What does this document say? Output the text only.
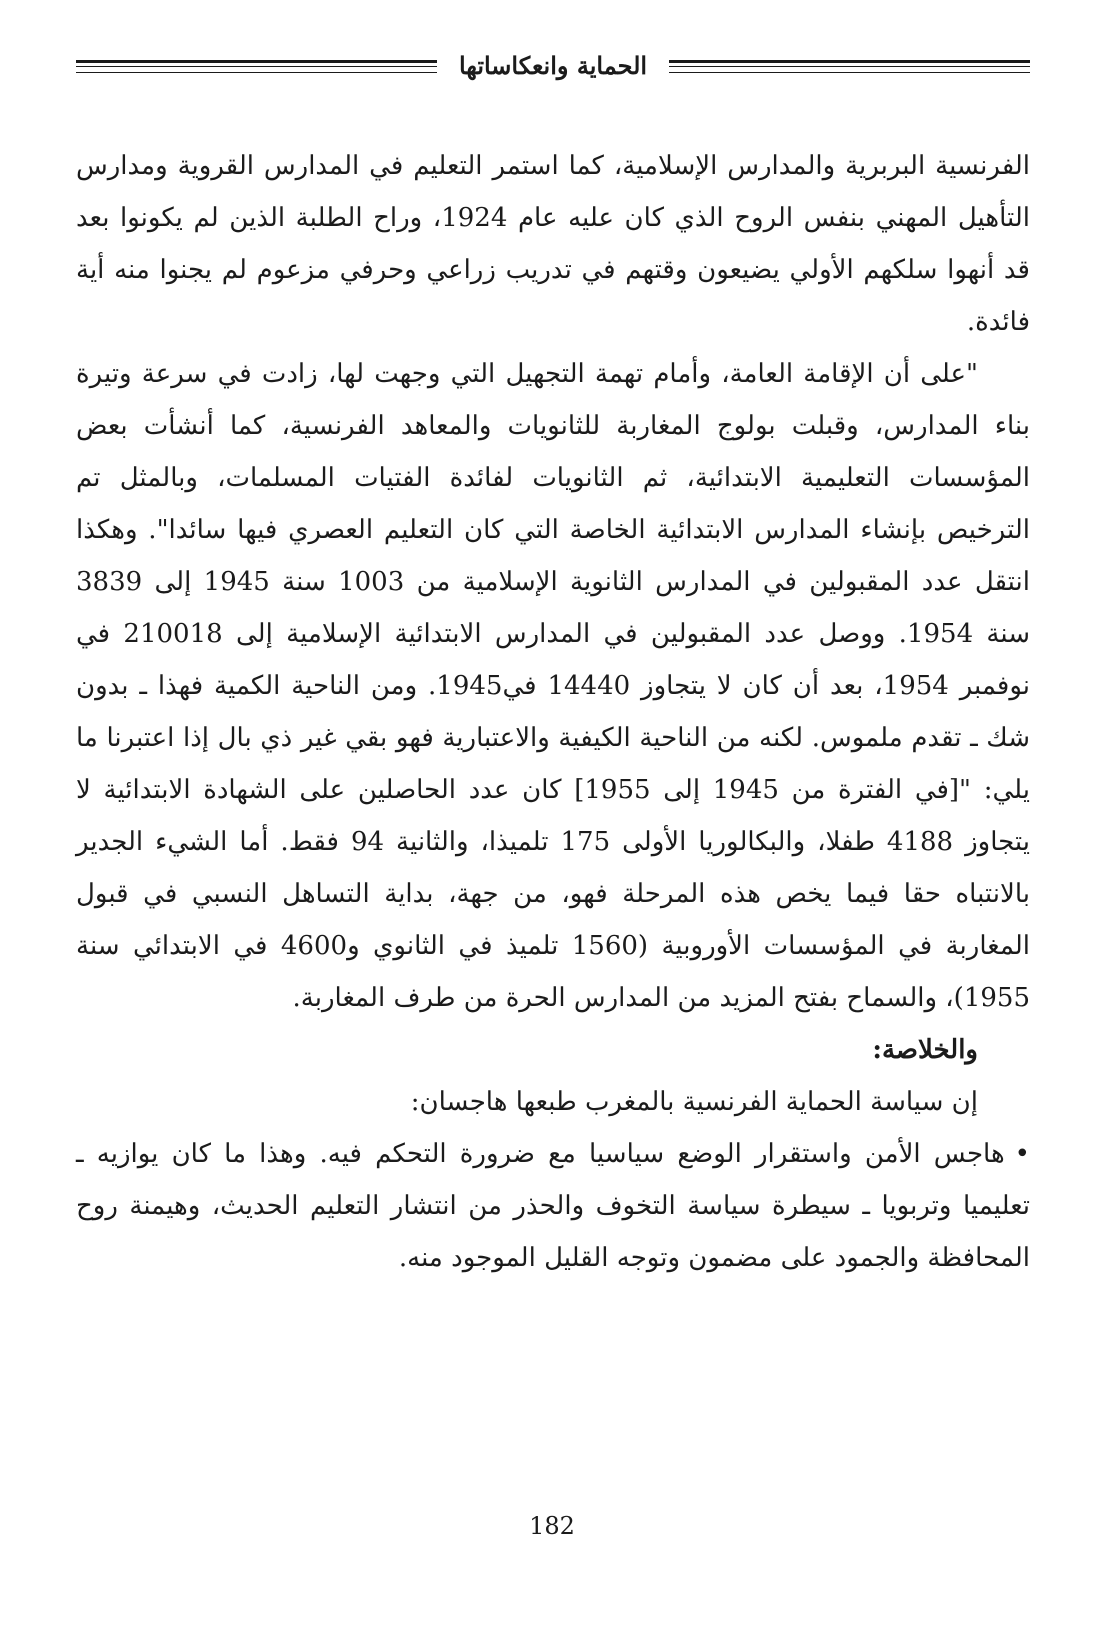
الحماية وانعكاساتها

الفرنسية البربرية والمدارس الإسلامية، كما استمر التعليم في المدارس القروية ومدارس التأهيل المهني بنفس الروح الذي كان عليه عام 1924، وراح الطلبة الذين لم يكونوا بعد قد أنهوا سلكهم الأولي يضيعون وقتهم في تدريب زراعي وحرفي مزعوم لم يجنوا منه أية فائدة.

"على أن الإقامة العامة، وأمام تهمة التجهيل التي وجهت لها، زادت في سرعة وتيرة بناء المدارس، وقبلت بولوج المغاربة للثانويات والمعاهد الفرنسية، كما أنشأت بعض المؤسسات التعليمية الابتدائية، ثم الثانويات لفائدة الفتيات المسلمات، وبالمثل تم الترخيص بإنشاء المدارس الابتدائية الخاصة التي كان التعليم العصري فيها سائدا". وهكذا انتقل عدد المقبولين في المدارس الثانوية الإسلامية من 1003 سنة 1945 إلى 3839 سنة 1954. ووصل عدد المقبولين في المدارس الابتدائية الإسلامية إلى 210018 في نوفمبر 1954، بعد أن كان لا يتجاوز 14440 في1945. ومن الناحية الكمية فهذا ـ بدون شك ـ تقدم ملموس. لكنه من الناحية الكيفية والاعتبارية فهو بقي غير ذي بال إذا اعتبرنا ما يلي: "[في الفترة من 1945 إلى 1955] كان عدد الحاصلين على الشهادة الابتدائية لا يتجاوز 4188 طفلا، والبكالوريا الأولى 175 تلميذا، والثانية 94 فقط. أما الشيء الجدير بالانتباه حقا فيما يخص هذه المرحلة فهو، من جهة، بداية التساهل النسبي في قبول المغاربة في المؤسسات الأوروبية (1560 تلميذ في الثانوي و4600 في الابتدائي سنة 1955)، والسماح بفتح المزيد من المدارس الحرة من طرف المغاربة.

والخلاصة:

إن سياسة الحماية الفرنسية بالمغرب طبعها هاجسان:

•هاجس الأمن واستقرار الوضع سياسيا مع ضرورة التحكم فيه. وهذا ما كان يوازيه ـ تعليميا وتربويا ـ سيطرة سياسة التخوف والحذر من انتشار التعليم الحديث، وهيمنة روح المحافظة والجمود على مضمون وتوجه القليل الموجود منه.

182
